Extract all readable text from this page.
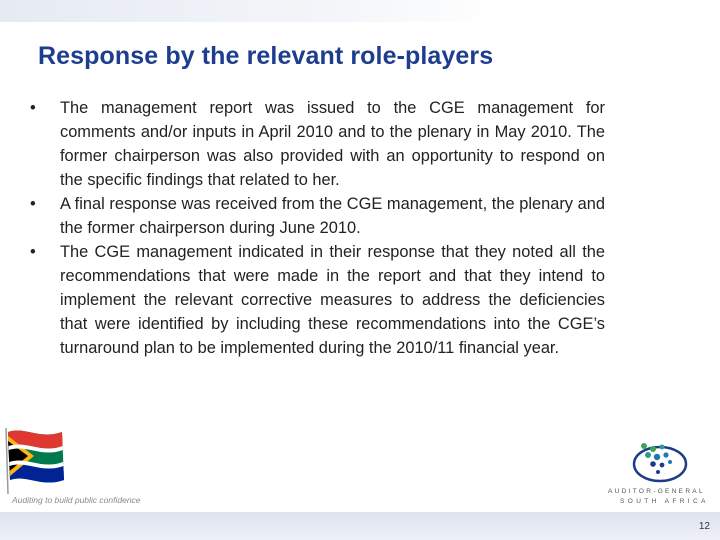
Response by the relevant role-players
• The management report was issued to the CGE management for comments and/or inputs in April 2010 and to the plenary in May 2010. The former chairperson was also provided with an opportunity to respond on the specific findings that related to her.
• A final response was received from the CGE management, the plenary and the former chairperson during June 2010.
• The CGE management indicated in their response that they noted all the recommendations that were made in the report and that they intend to implement the relevant corrective measures to address the deficiencies that were identified by including these recommendations into the CGE’s turnaround plan to be implemented during the 2010/11 financial year.
Auditing to build public confidence
AUDITOR-GENERAL
SOUTH AFRICA
12
